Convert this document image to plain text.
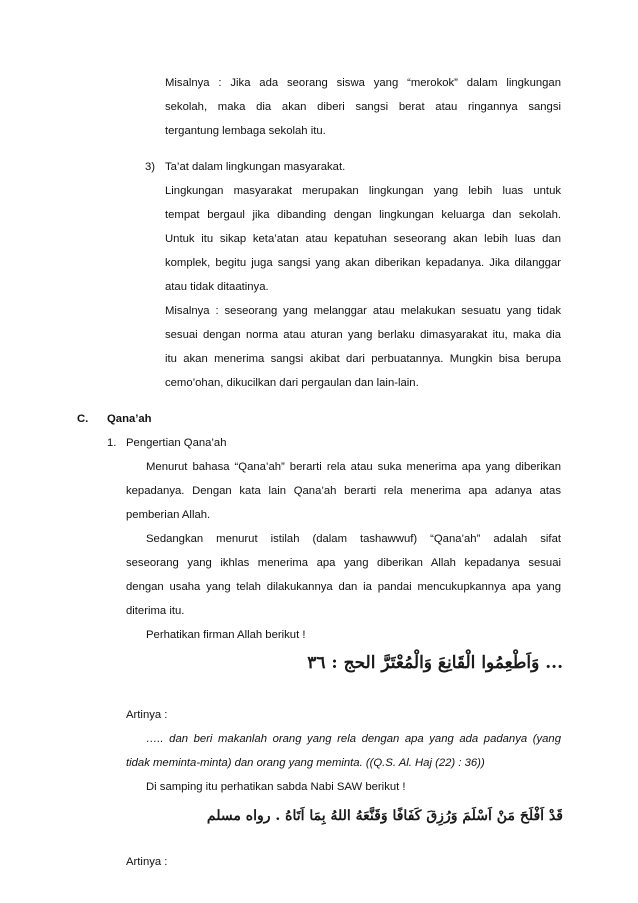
Misalnya : Jika ada seorang siswa yang “merokok” dalam lingkungan
sekolah, maka dia akan diberi sangsi berat atau ringannya sangsi
tergantung lembaga sekolah itu.
3) Ta’at dalam lingkungan masyarakat.
Lingkungan masyarakat merupakan lingkungan yang lebih luas untuk
tempat bergaul jika dibanding dengan lingkungan keluarga dan sekolah.
Untuk itu sikap keta’atan atau kepatuhan seseorang akan lebih luas dan
komplek, begitu juga sangsi yang akan diberikan kepadanya. Jika dilanggar
atau tidak ditaatinya.
Misalnya : seseorang yang melanggar atau melakukan sesuatu yang tidak
sesuai dengan norma atau aturan yang berlaku dimasyarakat itu, maka dia
itu akan menerima sangsi akibat dari perbuatannya. Mungkin bisa berupa
cemo’ohan, dikucilkan dari pergaulan dan lain-lain.
C. Qana’ah
1. Pengertian Qana’ah
Menurut bahasa “Qana’ah” berarti rela atau suka menerima apa yang diberikan
kepadanya. Dengan kata lain Qana’ah berarti rela menerima apa adanya atas
pemberian Allah.
Sedangkan menurut istilah (dalam tashawwuf) “Qana’ah” adalah sifat
seseorang yang ikhlas menerima apa yang diberikan Allah kepadanya sesuai
dengan usaha yang telah dilakukannya dan ia pandai mencukupkannya apa yang
diterima itu.
Perhatikan firman Allah berikut !
... وَاَطْعِمُوا الْقَانِعَ وَالْمُعْتَرَّ الحج : ٣٦
Artinya :
….. dan beri makanlah orang yang rela dengan apa yang ada padanya (yang
tidak meminta-minta) dan orang yang meminta. ((Q.S. Al. Haj (22) : 36))
Di samping itu perhatikan sabda Nabi SAW berikut !
قَدْ اَفْلَحَ مَنْ اَسْلَمَ وَرُزِقَ كَفَافًا وَقَنَّعَهُ اللهُ بِمَا اَتَاهُ . رواه مسلم
Artinya :
